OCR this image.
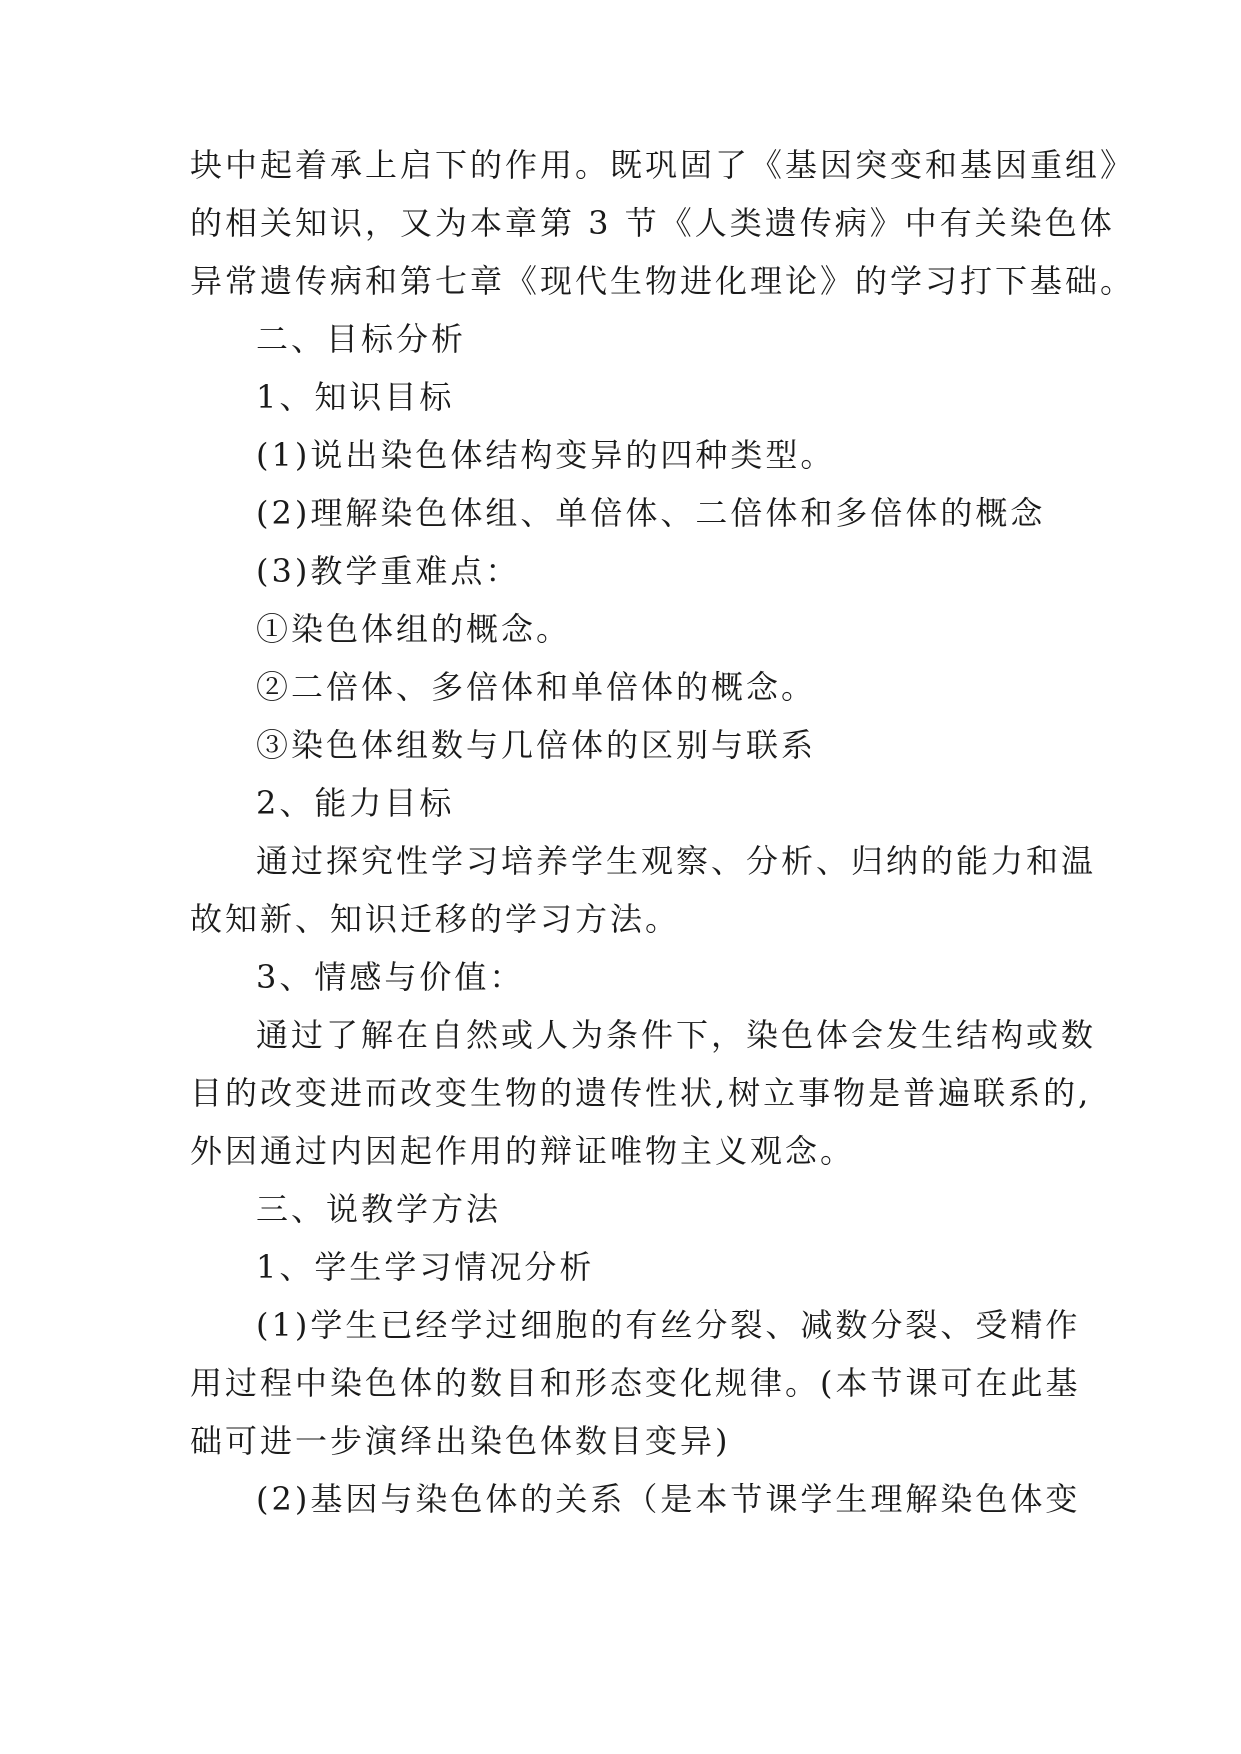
块中起着承上启下的作用。既巩固了《基因突变和基因重组》
的相关知识，又为本章第 3 节《人类遗传病》中有关染色体
异常遗传病和第七章《现代生物进化理论》的学习打下基础。
二、目标分析
1、知识目标
(1)说出染色体结构变异的四种类型。
(2)理解染色体组、单倍体、二倍体和多倍体的概念
(3)教学重难点：
①染色体组的概念。
②二倍体、多倍体和单倍体的概念。
③染色体组数与几倍体的区别与联系
2、能力目标
通过探究性学习培养学生观察、分析、归纳的能力和温
故知新、知识迁移的学习方法。
3、情感与价值：
通过了解在自然或人为条件下，染色体会发生结构或数
目的改变进而改变生物的遗传性状,树立事物是普遍联系的,
外因通过内因起作用的辩证唯物主义观念。
三、说教学方法
1、学生学习情况分析
(1)学生已经学过细胞的有丝分裂、减数分裂、受精作
用过程中染色体的数目和形态变化规律。(本节课可在此基
础可进一步演绎出染色体数目变异)
(2)基因与染色体的关系（是本节课学生理解染色体变
